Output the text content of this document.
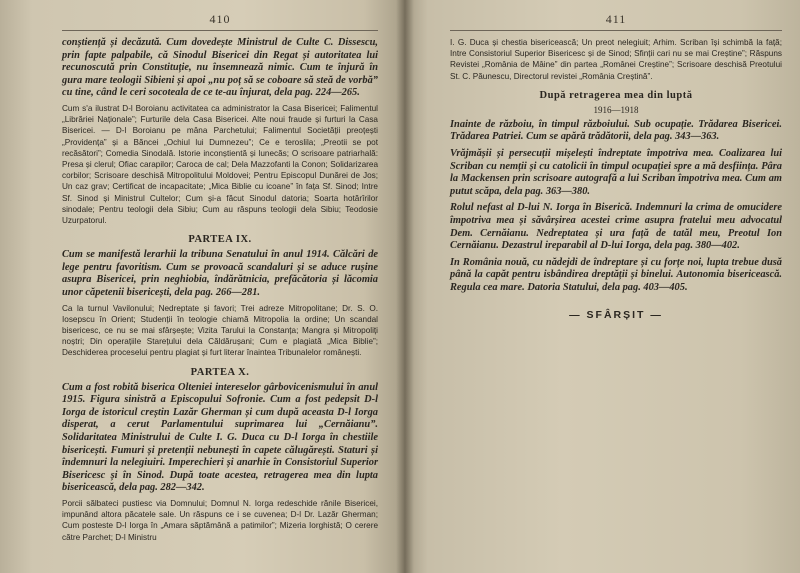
410

conștiență și decăzută. Cum dovedește Ministrul de Culte C. Dissescu, prin fapte palpabile, că Sinodul Bisericei din Regat și autoritatea lui recunoscută prin Constituție, nu însemnează nimic. Cum te înjură în gura mare teologii Sibieni și apoi „nu poț să se coboare să steă de vorbă” cu tine, când le ceri socoteala de ce te-au înjurat, dela pag. 224—265.

Cum s'a ilustrat D-l Boroianu activitatea ca administrator la Casa Bisericei; Falimentul „Librăriei Naționale”; Furturile dela Casa Bisericei. Alte noui fraude și furturi la Casa Bisericei. — D-l Boroianu pe mâna Parchetului; Falimentul Societății preoțești „Providența” și a Băncei „Ochiul lui Dumnezeu”; Ce e teroslila; „Preotii se pot recăsători”; Comedia Sinodală. Istorie inconștientă și lunecăs; O scrisoare patriarhală: Presa și clerul; Ofiac carapilor; Caroca de cal; Dela Mazzofanti la Conon; Solidarizarea corbilor; Scrisoare deschisă Mitropolitului Moldovei; Pentru Episcopul Dunărei de Jos; Un caz grav; Certificat de incapacitate; „Mica Biblie cu icoane” în fața Sf. Sinod; Intre Sf. Sinod și Ministrul Cultelor; Cum și-a făcut Sinodul datoria; Soarta hotărîrilor sinodale; Pentru teologii dela Sibiu; Cum au răspuns teologii dela Sibiu; Teodosie Uzurpatorul.

PARTEA IX.

Cum se manifestă lerarhii la tribuna Senatului în anul 1914. Călcări de lege pentru favoritism. Cum se provoacă scandaluri și se aduce rușine asupra Bisericei, prin neghiobia, îndărătnicia, prefăcătoria și lăcomia unor căpetenii bisericești, dela pag. 266—281.

Ca la turnul Vavilonului; Nedreptate și favori; Trei adreze Mitropolitane; Dr. S. O. Iosepscu în Orient; Studenții în teologie chiamă Mitropolia la ordine; Un scandal bisericesc, ce nu se mai sfârșește; Vizita Tarului la Constanța; Mangra și Mitropoliți noștri; Din operațiile Starețului dela Căldărușani; Cum e plagiată „Mica Biblie”; Deschiderea proceselui pentru plagiat și furt literar înaintea Tribunalelor românești.

PARTEA X.

Cum a fost robită biserica Olteniei intereselor gârbovicenismului în anul 1915. Figura sinistră a Episcopului Sofronie. Cum a fost pedepsit D-l Iorga de istoricul creștin Lazăr Gherman și cum după aceasta D-l Iorga disperat, a cerut Parlamentului suprimarea lui „Cernăianu”. Solidaritatea Ministrului de Culte I. G. Duca cu D-l Iorga în chestiile bisericești. Fumuri și pretenții nebunești în capete călugărești. Staturi și îndemnuri la nelegiuiri. Imperechieri și anarhie în Consistoriul Superior Bisericesc și în Sinod. După toate acestea, retragerea mea din lupta bisericească, dela pag. 282—342.

Porcii sălbateci pustiesc via Domnului; Domnul N. Iorga redeschide rănile Bisericei, impunând altora păcatele sale. Un răspuns ce i se cuvenea; D-l Dr. Lazăr Gherman; Cum posteste D-l Iorga în „Amara săptămână a patimilor”; Mizeria Iorghistă; O cerere către Parchet; D-l Ministru

411

I. G. Duca și chestia bisericească; Un preot nelegiuit; Arhim. Scriban își schimbă la față; Intre Consistoriul Superior Bisericesc și de Sinod; Sfinții cari nu se mai Creștine”; Răspuns Revistei „România de Mâine” din partea „Românei Creștine”; Scrisoare deschisă Preotului St. C. Păunescu, Directorul revistei „România Creștină”.

După retragerea mea din luptă
1916—1918

Inainte de războiu, în timpul războiului. Sub ocupație. Trădarea Bisericei. Trădarea Patriei. Cum se apără trădătorii, dela pag. 343—363.

Vrăjmășii și persecuții mișelești îndreptate împotriva mea. Coalizarea lui Scriban cu nemții și cu catolicii în timpul ocupației spre a mă desființa. Pâra la Mackensen prin scrisoare autografă a lui Scriban împotriva mea. Cum am putut scăpa, dela pag. 363—380.

Rolul nefast al D-lui N. Iorga în Biserică. Indemnuri la crima de omucidere împotriva mea și săvârșirea acestei crime asupra fratelui meu advocatul Dem. Cernăianu. Nedreptatea și ura față de tatăl meu, Preotul Ion Cernăianu. Dezastrul ireparabil al D-lui Iorga, dela pag. 380—402.

In România nouă, cu nădejdi de îndreptare și cu forțe noi, lupta trebue dusă până la capăt pentru isbândirea dreptății și binelui. Autonomia bisericească. Regula cea mare. Datoria Statului, dela pag. 403—405.

— SFÂRȘIT —
